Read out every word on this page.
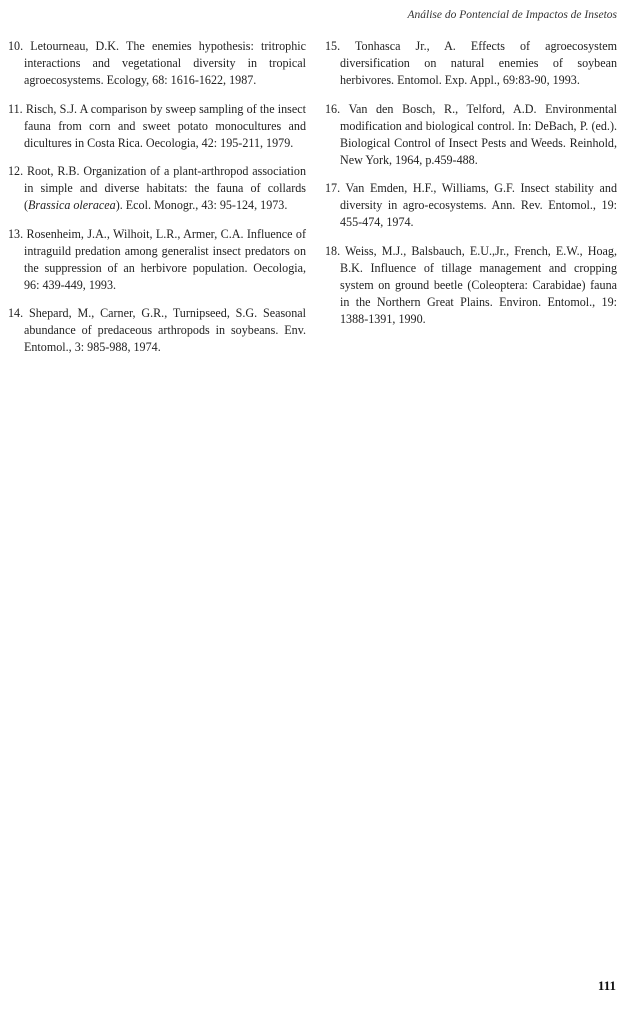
Análise do Pontencial de Impactos de Insetos

10. Letourneau, D.K. The enemies hypothesis: tritrophic interactions and vegetational diversity in tropical agroecosystems. Ecology, 68: 1616-1622, 1987.

11. Risch, S.J. A comparison by sweep sampling of the insect fauna from corn and sweet potato monocultures and dicultures in Costa Rica. Oecologia, 42: 195-211, 1979.

12. Root, R.B. Organization of a plant-arthropod association in simple and diverse habitats: the fauna of collards (Brassica oleracea). Ecol. Monogr., 43: 95-124, 1973.

13. Rosenheim, J.A., Wilhoit, L.R., Armer, C.A. Influence of intraguild predation among generalist insect predators on the suppression of an herbivore population. Oecologia, 96: 439-449, 1993.

14. Shepard, M., Carner, G.R., Turnipseed, S.G. Seasonal abundance of predaceous arthropods in soybeans. Env. Entomol., 3: 985-988, 1974.

15. Tonhasca Jr., A. Effects of agroecosystem diversification on natural enemies of soybean herbivores. Entomol. Exp. Appl., 69:83-90, 1993.

16. Van den Bosch, R., Telford, A.D. Environmental modification and biological control. In: DeBach, P. (ed.). Biological Control of Insect Pests and Weeds. Reinhold, New York, 1964, p.459-488.

17. Van Emden, H.F., Williams, G.F. Insect stability and diversity in agro-ecosystems. Ann. Rev. Entomol., 19: 455-474, 1974.

18. Weiss, M.J., Balsbauch, E.U.,Jr., French, E.W., Hoag, B.K. Influence of tillage management and cropping system on ground beetle (Coleoptera: Carabidae) fauna in the Northern Great Plains. Environ. Entomol., 19: 1388-1391, 1990.

111
